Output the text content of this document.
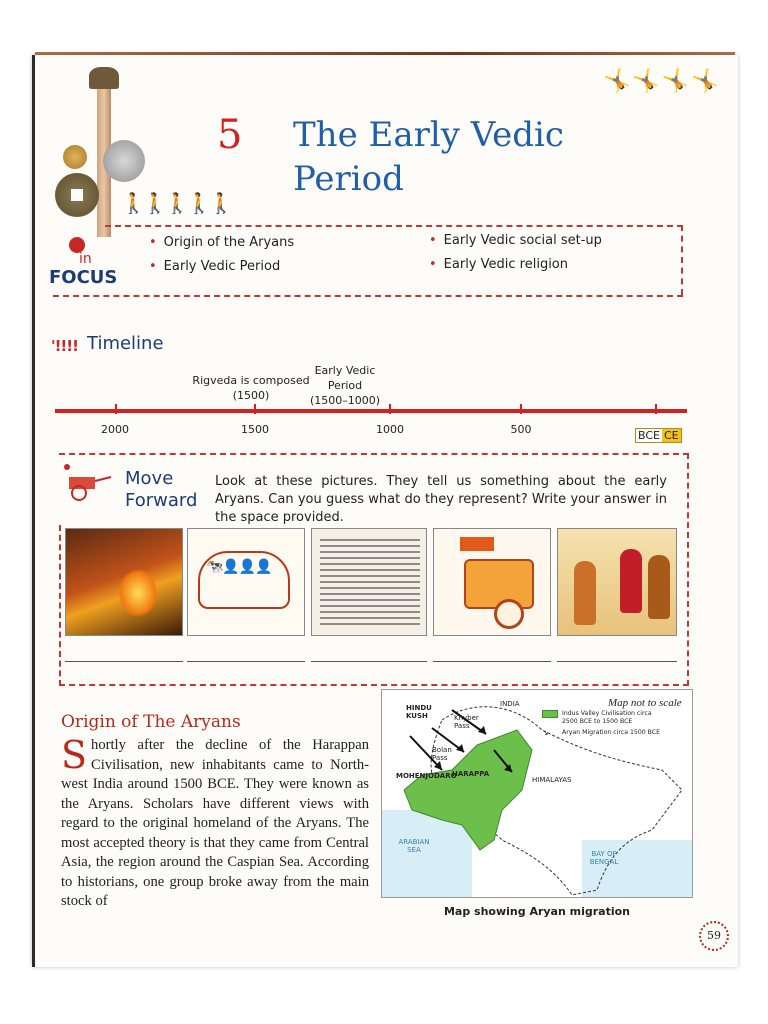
🚶🚶🚶🚶🚶
🤸🤸🤸🤸
5 The Early Vedic Period
in
FOCUS
• Origin of the Aryans
• Early Vedic Period
• Early Vedic social set-up
• Early Vedic religion
'!!!! Timeline
Rigveda is composed
(1500)
Early Vedic
Period
(1500–1000)
2000	1500	1000	500	BCE CE
Move
Forward
Look at these pictures. They tell us something about the early Aryans. Can you guess what do they represent? Write your answer in the space provided.
🐄👤👤👤
Origin of The Aryans
Shortly after the decline of the Harappan Civilisation, new inhabitants came to North-west India around 1500 BCE. They were known as the Aryans. Scholars have different views with regard to the original homeland of the Aryans. The most accepted theory is that they came from Central Asia, the region around the Caspian Sea. According to historians, one group broke away from the main stock of
Map not to scale
Indus Valley Civilisation circa 2500 BCE to 1500 BCE
↘	Aryan Migration circa 1500 BCE
HINDU KUSH	Khyber Pass
Bolan Pass
INDIA
HARAPPA
MOHENJODARO	HIMALAYAS
ARABIAN SEA	BAY OF BENGAL
Map showing Aryan migration
59
